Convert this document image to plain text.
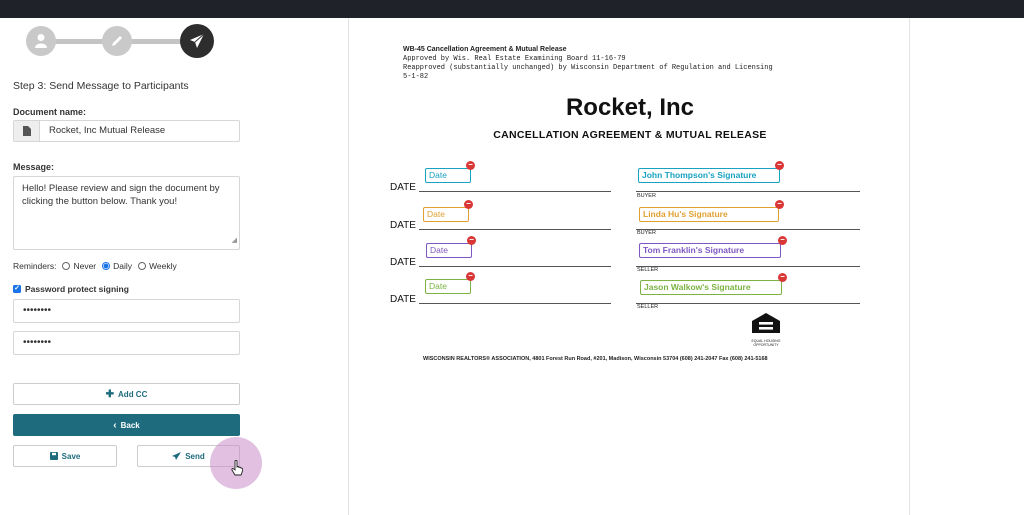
Step 3: Send Message to Participants
Document name:
Rocket, Inc Mutual Release
Message:
Hello! Please review and sign the document by clicking the button below. Thank you!
◢
Reminders: Never Daily Weekly
✓ Password protect signing
••••••••
••••••••
✚ Add CC
‹ Back
Save	Send
WB-45 Cancellation Agreement & Mutual Release
Approved by Wis. Real Estate Examining Board 11-16-79
Reapproved (substantially unchanged) by Wisconsin Department of Regulation and Licensing
5-1-82
Rocket, Inc
CANCELLATION AGREEMENT & MUTUAL RELEASE
DATE
Date
−
John Thompson's Signature
−
BUYER
DATE
Date
−
Linda Hu's Signature
−
BUYER
DATE
Date
−
Tom Franklin's Signature
−
SELLER
DATE
Date
−
Jason Walkow's Signature
−
SELLER
EQUAL HOUSING OPPORTUNITY
WISCONSIN REALTORS® ASSOCIATION, 4801 Forest Run Road, #201, Madison, Wisconsin 53704 (608) 241-2047 Fax (608) 241-5168
